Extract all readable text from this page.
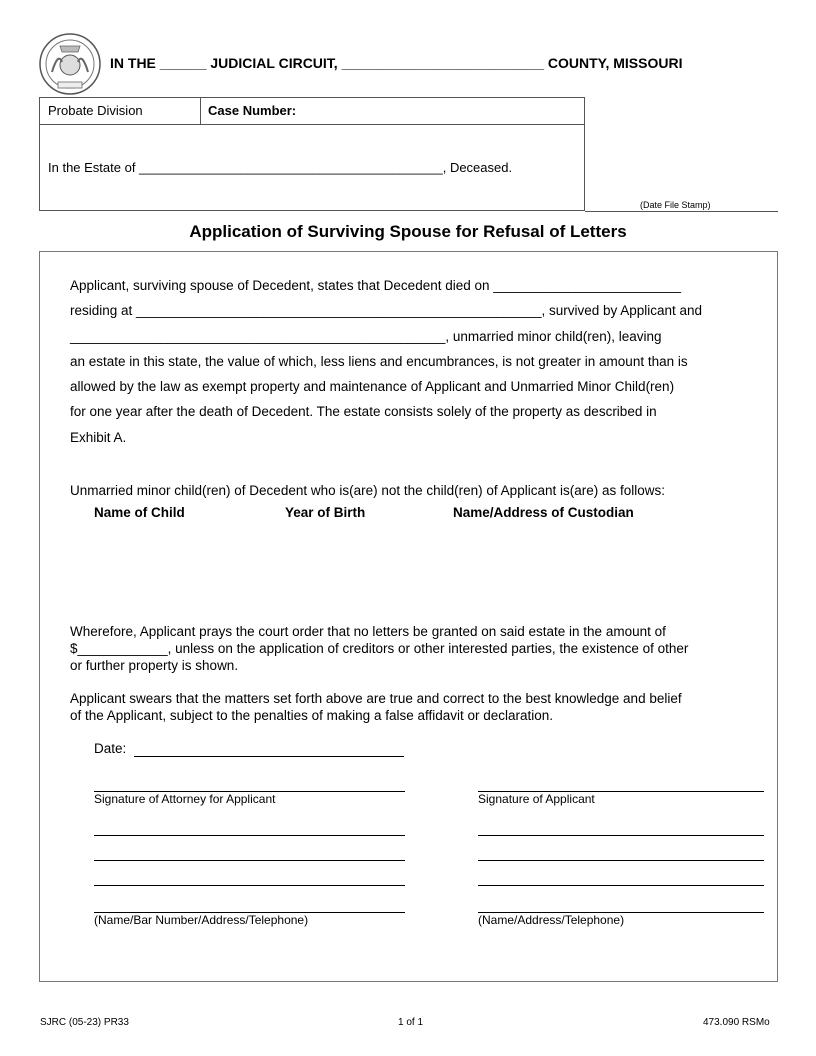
IN THE ______ JUDICIAL CIRCUIT, __________________________ COUNTY, MISSOURI
Probate Division	Case Number:
In the Estate of __________________________________________, Deceased.
(Date File Stamp)
Application of Surviving Spouse for Refusal of Letters
Applicant, surviving spouse of Decedent, states that Decedent died on _________________________
residing at ______________________________________________________, survived by Applicant and
__________________________________________________, unmarried minor child(ren), leaving
an estate in this state, the value of which, less liens and encumbrances, is not greater in amount than is
allowed by the law as exempt property and maintenance of Applicant and Unmarried Minor Child(ren)
for one year after the death of Decedent. The estate consists solely of the property as described in
Exhibit A.
Unmarried minor child(ren) of Decedent who is(are) not the child(ren) of Applicant is(are) as follows:
Name of Child	Year of Birth	Name/Address of Custodian
Wherefore, Applicant prays the court order that no letters be granted on said estate in the amount of
$____________, unless on the application of creditors or other interested parties, the existence of other
or further property is shown.
Applicant swears that the matters set forth above are true and correct to the best knowledge and belief
of the Applicant, subject to the penalties of making a false affidavit or declaration.
Date:
Signature of Attorney for Applicant	Signature of Applicant
(Name/Bar Number/Address/Telephone)	(Name/Address/Telephone)
SJRC (05-23) PR33	1 of 1	473.090 RSMo
